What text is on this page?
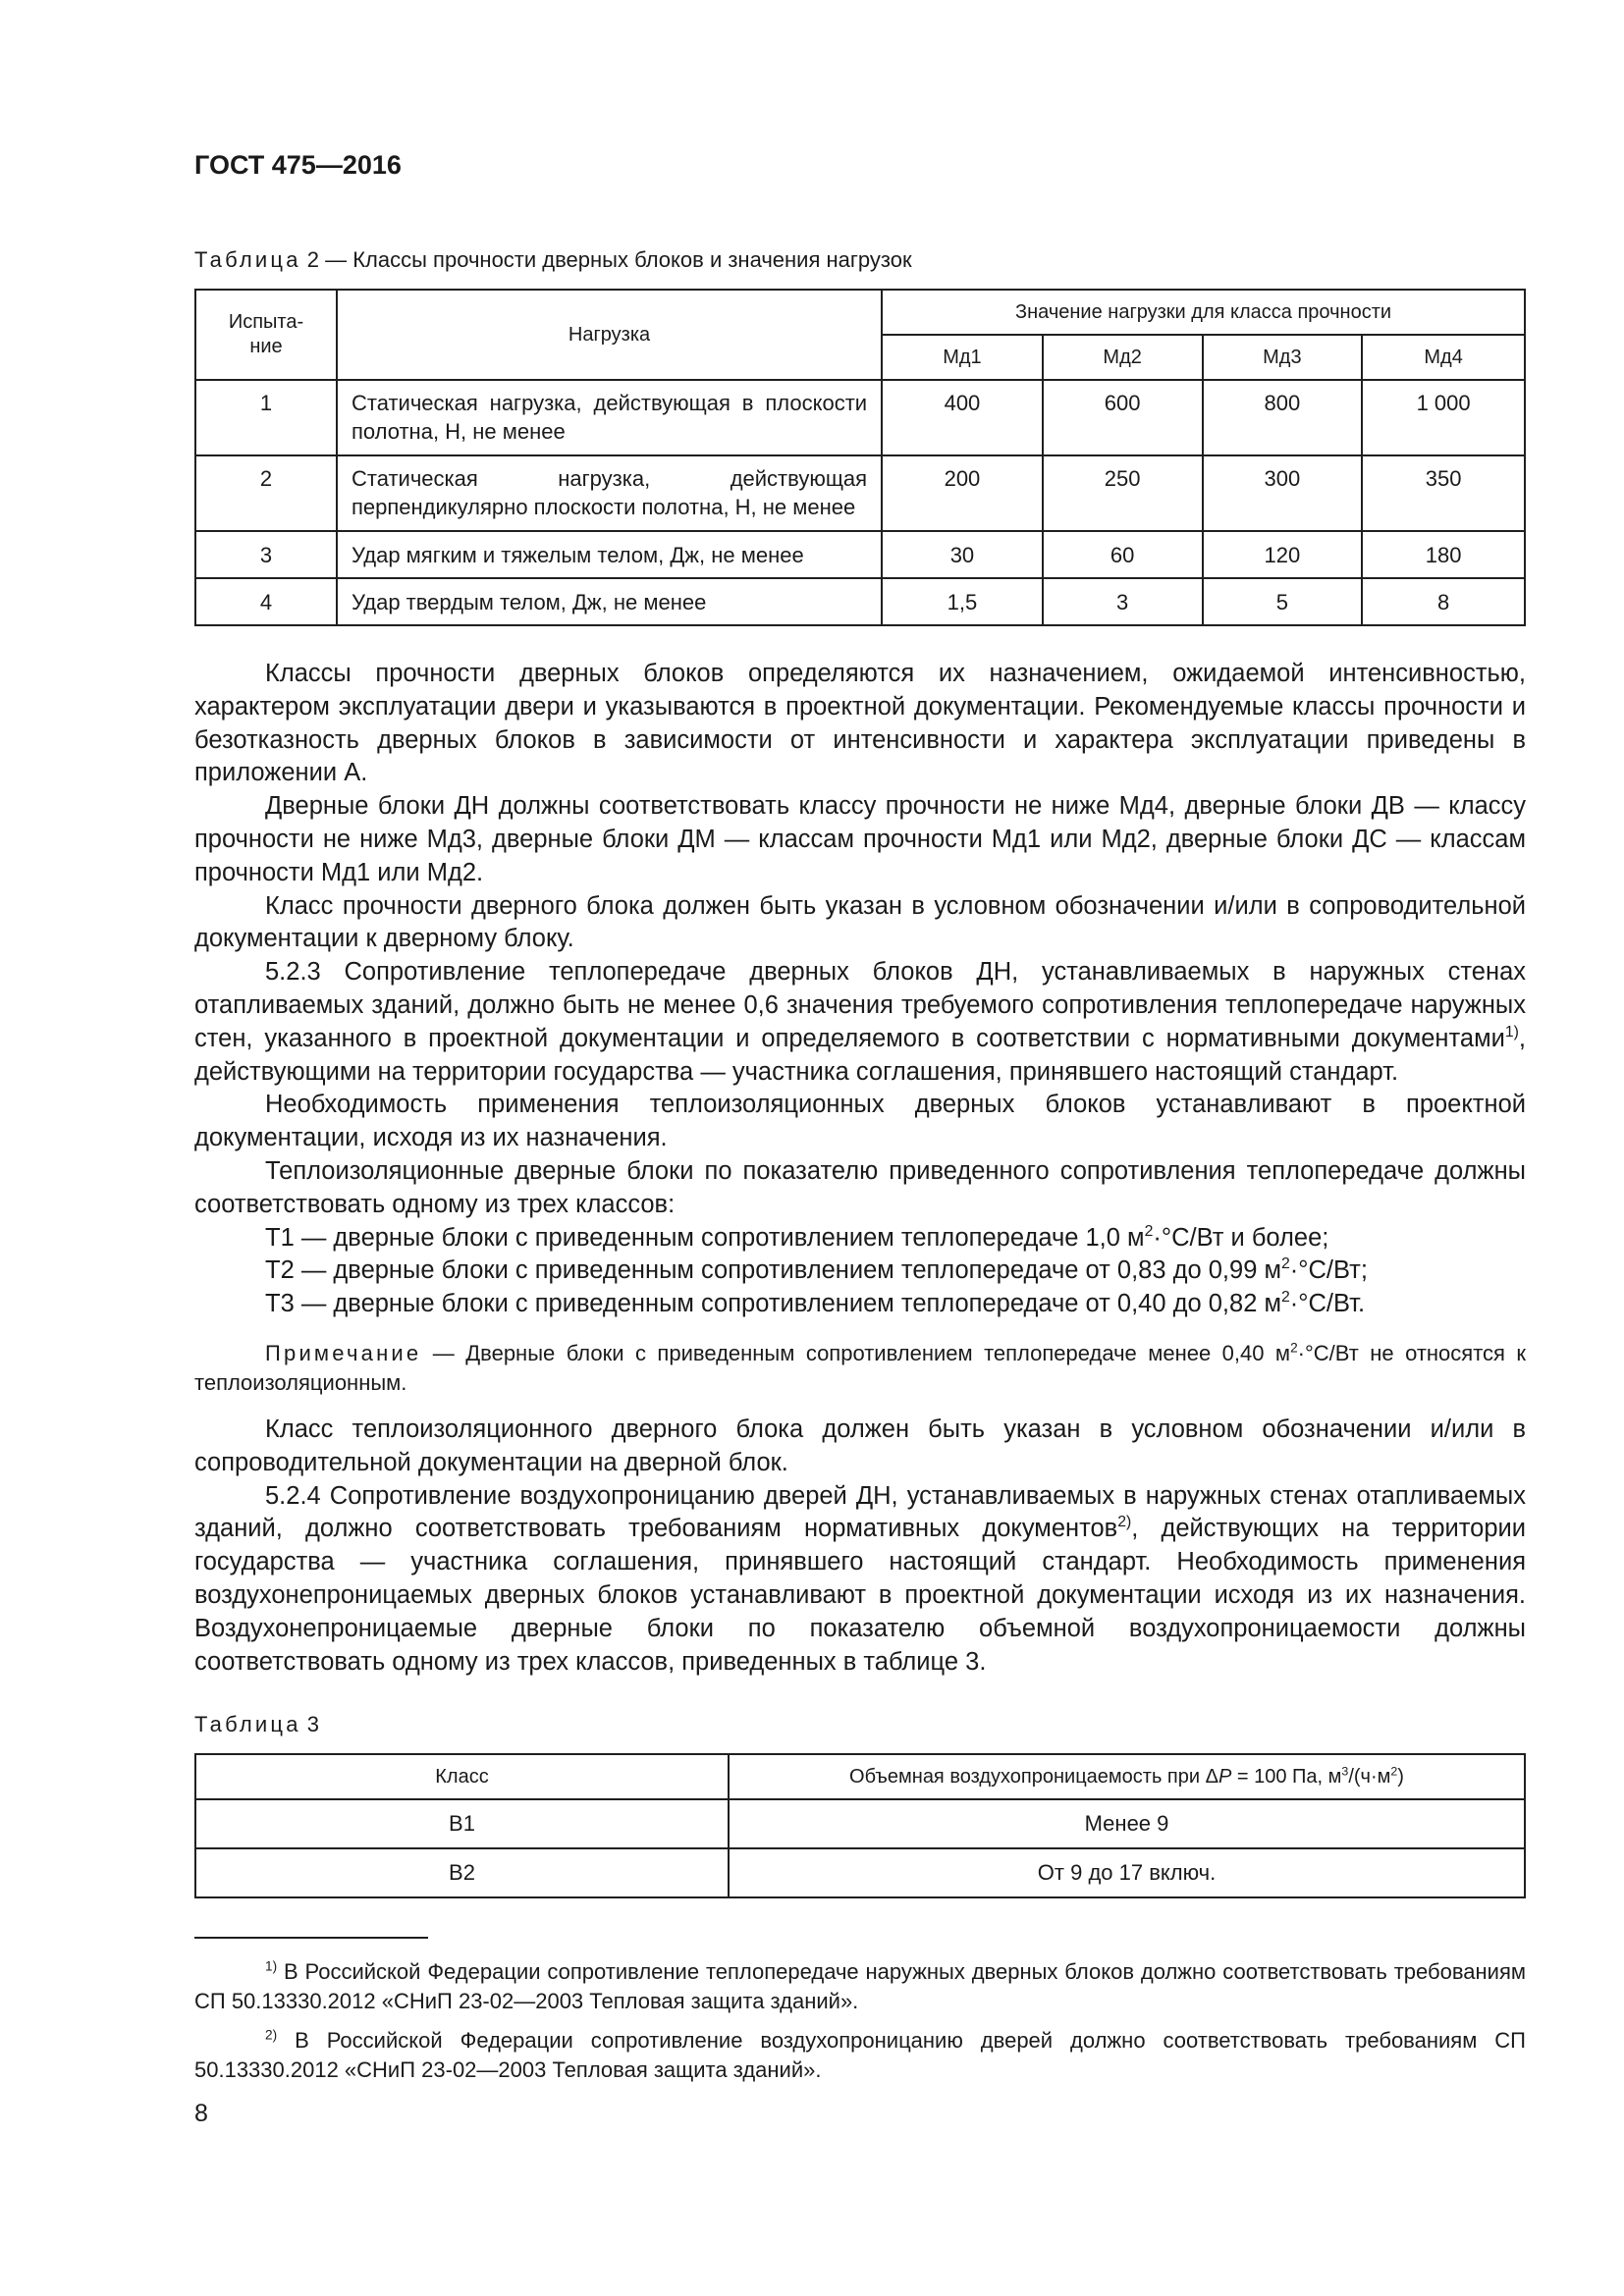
ГОСТ 475—2016
Таблица 2 — Классы прочности дверных блоков и значения нагрузок
Испыта-ние	Нагрузка	Значение нагрузки для класса прочности			
		Мд1	Мд2	Мд3	Мд4
1	Статическая нагрузка, действующая в плоскости полотна, Н, не менее	400	600	800	1 000
2	Статическая нагрузка, действующая перпендикулярно плоскости полотна, Н, не менее	200	250	300	350
3	Удар мягким и тяжелым телом, Дж, не менее	30	60	120	180
4	Удар твердым телом, Дж, не менее	1,5	3	5	8

Классы прочности дверных блоков определяются их назначением, ожидаемой интенсивностью, характером эксплуатации двери и указываются в проектной документации. Рекомендуемые классы прочности и безотказность дверных блоков в зависимости от интенсивности и характера эксплуатации приведены в приложении А.

Дверные блоки ДН должны соответствовать классу прочности не ниже Мд4, дверные блоки ДВ — классу прочности не ниже Мд3, дверные блоки ДМ — классам прочности Мд1 или Мд2, дверные блоки ДС — классам прочности Мд1 или Мд2.

Класс прочности дверного блока должен быть указан в условном обозначении и/или в сопроводительной документации к дверному блоку.

5.2.3 Сопротивление теплопередаче дверных блоков ДН, устанавливаемых в наружных стенах отапливаемых зданий, должно быть не менее 0,6 значения требуемого сопротивления теплопередаче наружных стен, указанного в проектной документации и определяемого в соответствии с нормативными документами$^{1)}$, действующими на территории государства — участника соглашения, принявшего настоящий стандарт.

Необходимость применения теплоизоляционных дверных блоков устанавливают в проектной документации, исходя из их назначения.

Теплоизоляционные дверные блоки по показателю приведенного сопротивления теплопередаче должны соответствовать одному из трех классов:

Т1 — дверные блоки с приведенным сопротивлением теплопередаче 1,0 $м^2\cdot^\circ С/Вт$ и более;

Т2 — дверные блоки с приведенным сопротивлением теплопередаче от 0,83 до 0,99 $м^2\cdot^\circ С/Вт$;

Т3 — дверные блоки с приведенным сопротивлением теплопередаче от 0,40 до 0,82 $м^2\cdot^\circ С/Вт$.

Примечание — Дверные блоки с приведенным сопротивлением теплопередаче менее 0,40 $м^2\cdot^\circ С/Вт$ не относятся к теплоизоляционным.

Класс теплоизоляционного дверного блока должен быть указан в условном обозначении и/или в сопроводительной документации на дверной блок.

5.2.4 Сопротивление воздухопроницанию дверей ДН, устанавливаемых в наружных стенах отапливаемых зданий, должно соответствовать требованиям нормативных документов$^{2)}$, действующих на территории государства — участника соглашения, принявшего настоящий стандарт. Необходимость применения воздухонепроницаемых дверных блоков устанавливают в проектной документации исходя из их назначения. Воздухонепроницаемые дверные блоки по показателю объемной воздухопроницаемости должны соответствовать одному из трех классов, приведенных в таблице 3.

Таблица 3
Класс	Объемная воздухопроницаемость при ΔP = 100 Па, $м^3/(ч\cdot м^2)$
В1	Менее 9
В2	От 9 до 17 включ.

$^{1)}$ В Российской Федерации сопротивление теплопередаче наружных дверных блоков должно соответствовать требованиям СП 50.13330.2012 «СНиП 23-02—2003 Тепловая защита зданий».

$^{2)}$ В Российской Федерации сопротивление воздухопроницанию дверей должно соответствовать требованиям СП 50.13330.2012 «СНиП 23-02—2003 Тепловая защита зданий».

8
